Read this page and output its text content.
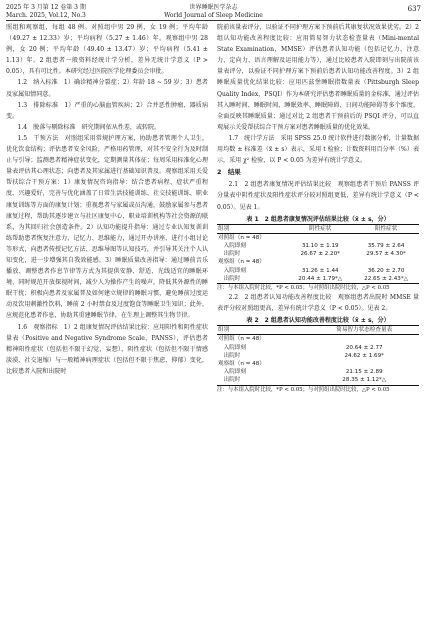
2025 年 3 月第 12 卷第 3 期
March. 2025, Vol.12, No.3
世界睡眠医学杂志
World Journal of Sleep Medicine
637

照组和观察组，每组 48 例。对照组中男 29 例，女 19 例；平均年龄（49.27 ± 12.33）岁；平均病程（5.27 ± 1.46）年。观察组中男 28 例，女 20 例；平均年龄（49.40 ± 13.47）岁；平均病程（5.41 ± 1.13）年。2 组患者一般资料经统计学分析，差异无统计学意义（P > 0.05），具有可比性。本研究经过医院医学伦理委员会审批。

1.2　纳入标准　1）确诊精神分裂症；2）年龄 18 ~ 59 岁；3）患者及家属知情同意。

1.3　排除标准　1）严重的心脑血管疾病；2）合并恶性肿瘤、器质病变。

1.4　脱落与剔除标准　研究期间依从性差，或转院。

1.5　干预方法　对照组采用常规护理方案，协助患者管理个人卫生，优化饮食结构；评估患者安全风险，严格用药管理，对其不安全行为及时制止与引导；监测患者精神症状变化，定期测量其体征；每周采用标准化心理量表评估其心理状态；向患者及其家属进行基础知识普及。观察组采用关爱帮扶综合干预方案：1）康复情况咨询指导：结合患者病程、症状严重程度、兴趣爱好，完善与优化涵盖了日常生活技能训练、社交技能训练、职业康复训练等方面的康复计划；重视患者与家属或员沟通，鼓励家属参与患者康复过程，帮助其逐步建立与社区康复中心、职业培训机构等社会资源的联系，为其回归社会创造条件。2）认知功能提升指导：通过专业认知复训训练帮助患者恢复注意力、记忆力、思维能力，通过开办讲座、进行小组讨论等形式，向患者传授记忆方法、思维导图等认知技巧，并引导其关注个人认知变化，进一步增强其自我效能感。3）睡眠质量改善指导：通过睡前音乐播放、调整患者作息节律等方式为其提供安静、舒适、光线适宜的睡眠环境，同时规范开放探视时间，减少人为操作产生的噪声，降低其外源性的睡眠干扰；积极向患者及家属普及如何建立规律的睡眠习惯，避免睡前过度运动及饮用刺激性饮料，睡前 2 小时禁食及过度饱食等睡眠卫生知识；此外，应规范化患者作息，协助其重建睡眠节律，在生理上调整其生物节律。

1.6　观察指标　1）2 组康复情况评估结果比较：应用阳性和阴性症状量表（Positive and Negative Syndrome Scale，PANSS），评估患者精神阳性症状（包括但不限于幻觉、妄想）、阴性症状（包括但不限于情感淡漠、社交退缩）与一般精神病理症状（包括但不限于焦虑、抑郁）变化，比较患者入院和出院时

院前该量表评分，以验证不同护理方案下预前后其康复状况效果优劣。2）2 组认知功能改善程度比较：应用简易智力状态检查量表（Mini-mental State Examination，MMSE）评估患者认知功能（包括记忆力、注意力、定向力、语言理解及运用能力等），通过比较患者入院即刻与出院前该量表评分，以验证不同护理方案下预前后患者认知功能改善程度。3）2 组睡眠质量优化结果比较：应用匹兹堡睡眠指数量表（Pittsburgh Sleep Quality Index，PSQI）作为本研究评估患者睡眠质量的金标准，通过评估其入睡时间、睡眠时间、睡眠效率、睡眠障碍、日间功能障碍等多个维度，全面反映其睡眠质量；通过对比 2 组患者干预前后的 PSQI 评分，可以直观展示关爱帮扶综合干预方案对患者睡眠质量的优化效果。

1.7　统计学方法　采用 SPSS 25.0 统计软件进行数据分析，计量数据用均数 ± 标准差（x̄ ± s）表示，采用 t 检验；计数资料用百分率（%）表示，采用 χ² 检验，以 P < 0.05 为差异有统计学意义。

2　结果

2.1　2 组患者康复情况评估结果比较　观察组患者干预后 PANSS 评分量表中阴性症状及阳性症状评分较对照组更低，差异有统计学意义（P < 0.05）。见表 1。

表 1　2 组患者康复情况评估结果比较（x̄ ± s，分）
组别	阴性症状	阳性症状
对照组（n = 48）		
　入院即刻	31.10 ± 1.19	35.79 ± 2.64
　出院时	26.67 ± 2.20*	29.57 ± 4.30*
观察组（n = 48）		
　入院即刻	31.26 ± 1.44	36.20 ± 2.70
　出院时	20.44 ± 1.79*△	22.65 ± 2.43*△
注：与本组入院时比较，*P < 0.05；与对照组出院时比较，△P < 0.05

2.2　2 组患者认知功能改善程度比较　观察组患者出院时 MMSE 量表评分较对照组更高，差异有统计学意义（P < 0.05）。见表 2。

表 2　2 组患者认知功能改善程度比较（x̄ ± s，分）
组别	简易智力状态检查量表
对照组（n = 48）	
　入院即刻	20.64 ± 2.77
　出院时	24.62 ± 1.69*
观察组（n = 48）	
　入院即刻	21.15 ± 2.89
　出院时	28.35 ± 1.12*△
注：与本组入院时比较，*P < 0.05；与对照组出院时比较，△P < 0.05
